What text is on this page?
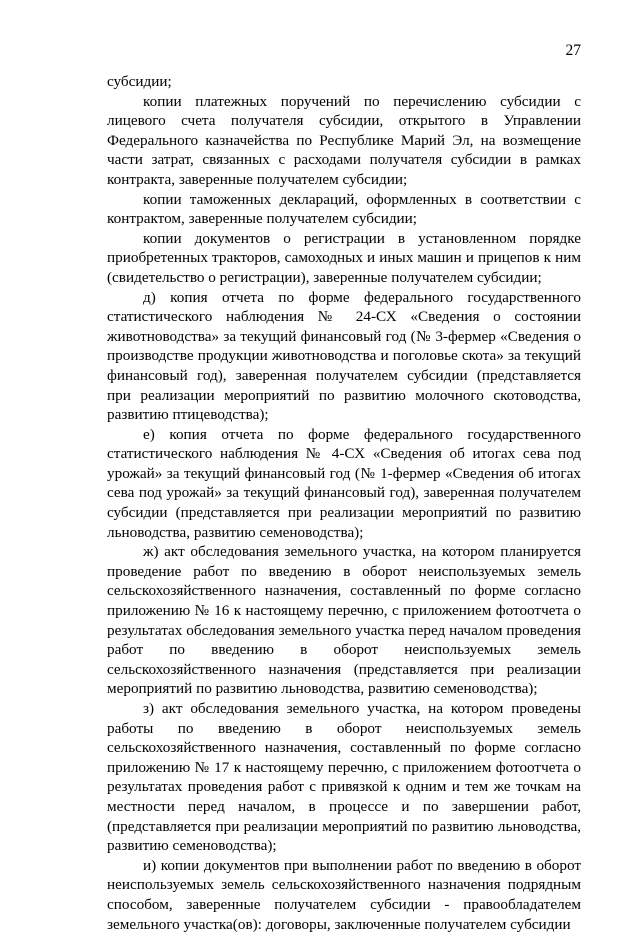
27

субсидии;

копии платежных поручений по перечислению субсидии с лицевого счета получателя субсидии, открытого в Управлении Федерального казначейства по Республике Марий Эл, на возмещение части затрат, связанных с расходами получателя субсидии в рамках контракта, заверенные получателем субсидии;

копии таможенных деклараций, оформленных в соответствии с контрактом, заверенные получателем субсидии;

копии документов о регистрации в установленном порядке приобретенных тракторов, самоходных и иных машин и прицепов к ним (свидетельство о регистрации), заверенные получателем субсидии;

д) копия отчета по форме федерального государственного статистического наблюдения № 24-СХ «Сведения о состоянии животноводства» за текущий финансовый год (№ 3-фермер «Сведения о производстве продукции животноводства и поголовье скота» за текущий финансовый год), заверенная получателем субсидии (представляется при реализации мероприятий по развитию молочного скотоводства, развитию птицеводства);

е) копия отчета по форме федерального государственного статистического наблюдения № 4-СХ «Сведения об итогах сева под урожай» за текущий финансовый год (№ 1-фермер «Сведения об итогах сева под урожай» за текущий финансовый год), заверенная получателем субсидии (представляется при реализации мероприятий по развитию льноводства, развитию семеноводства);

ж) акт обследования земельного участка, на котором планируется проведение работ по введению в оборот неиспользуемых земель сельскохозяйственного назначения, составленный по форме согласно приложению № 16 к настоящему перечню, с приложением фотоотчета о результатах обследования земельного участка перед началом проведения работ по введению в оборот неиспользуемых земель сельскохозяйственного назначения (представляется при реализации мероприятий по развитию льноводства, развитию семеноводства);

з) акт обследования земельного участка, на котором проведены работы по введению в оборот неиспользуемых земель сельскохозяйственного назначения, составленный по форме согласно приложению № 17 к настоящему перечню, с приложением фотоотчета о результатах проведения работ с привязкой к одним и тем же точкам на местности перед началом, в процессе и по завершении работ, (представляется при реализации мероприятий по развитию льноводства, развитию семеноводства);

и) копии документов при выполнении работ по введению в оборот неиспользуемых земель сельскохозяйственного назначения подрядным способом, заверенные получателем субсидии - правообладателем земельного участка(ов): договоры, заключенные получателем субсидии
